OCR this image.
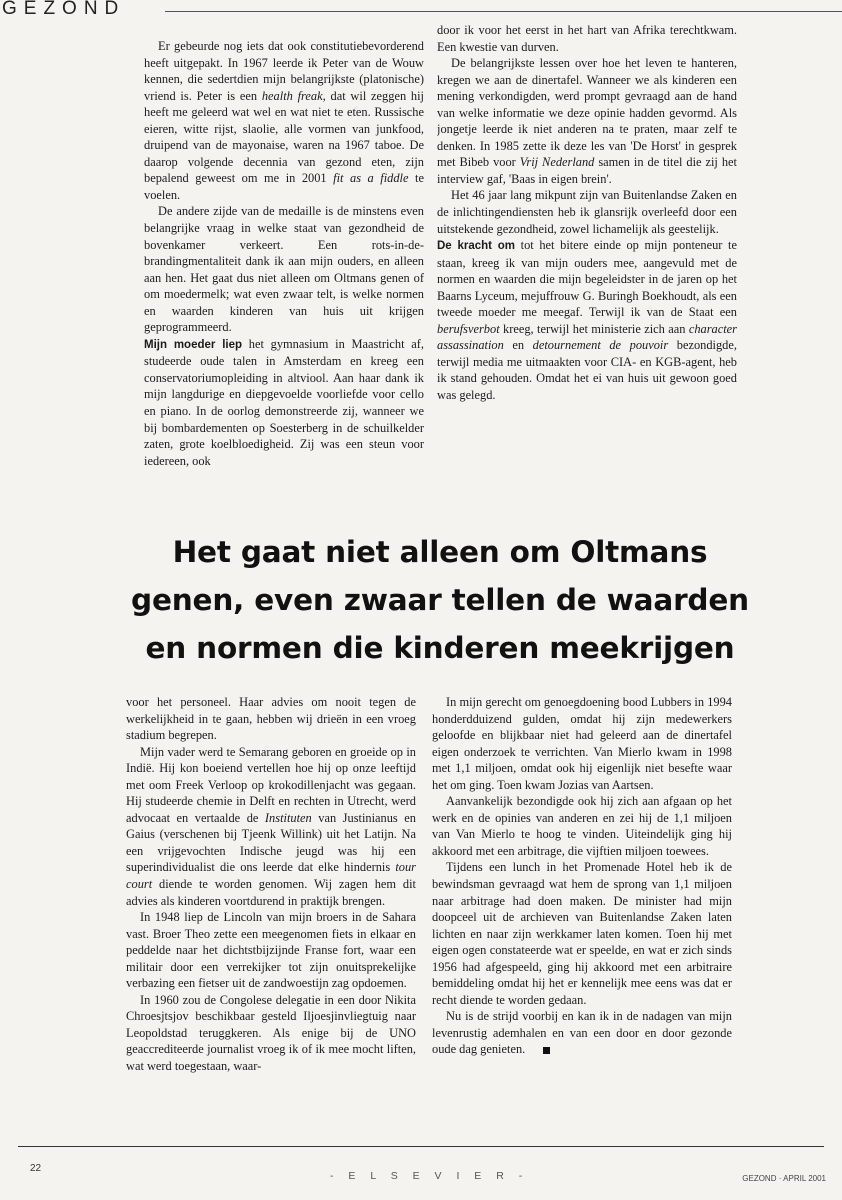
GEZOND

Er gebeurde nog iets dat ook constitutiebevorderend heeft uitgepakt. In 1967 leerde ik Peter van de Wouw kennen, die sedertdien mijn belangrijkste (platonische) vriend is. Peter is een health freak, dat wil zeggen hij heeft me geleerd wat wel en wat niet te eten. Russische eieren, witte rijst, slaolie, alle vormen van junkfood, druipend van de mayonaise, waren na 1967 taboe. De daarop volgende decennia van gezond eten, zijn bepalend geweest om me in 2001 fit as a fiddle te voelen.

De andere zijde van de medaille is de minstens even belangrijke vraag in welke staat van gezondheid de bovenkamer verkeert. Een rots-in-de-brandingmentaliteit dank ik aan mijn ouders, en alleen aan hen. Het gaat dus niet alleen om Oltmans genen of om moedermelk; wat even zwaar telt, is welke normen en waarden kinderen van huis uit krijgen geprogrammeerd.

Mijn moeder liep het gymnasium in Maastricht af, studeerde oude talen in Amsterdam en kreeg een conservatoriumopleiding in altviool. Aan haar dank ik mijn langdurige en diepgevoelde voorliefde voor cello en piano. In de oorlog demonstreerde zij, wanneer we bij bombardementen op Soesterberg in de schuilkelder zaten, grote koelbloedigheid. Zij was een steun voor iedereen, ook

door ik voor het eerst in het hart van Afrika terechtkwam. Een kwestie van durven.

De belangrijkste lessen over hoe het leven te hanteren, kregen we aan de dinertafel. Wanneer we als kinderen een mening verkondigden, werd prompt gevraagd aan de hand van welke informatie we deze opinie hadden gevormd. Als jongetje leerde ik niet anderen na te praten, maar zelf te denken. In 1985 zette ik deze les van 'De Horst' in gesprek met Bibeb voor Vrij Nederland samen in de titel die zij het interview gaf, 'Baas in eigen brein'.

Het 46 jaar lang mikpunt zijn van Buitenlandse Zaken en de inlichtingendiensten heb ik glansrijk overleefd door een uitstekende gezondheid, zowel lichamelijk als geestelijk.

De kracht om tot het bitere einde op mijn ponteneur te staan, kreeg ik van mijn ouders mee, aangevuld met de normen en waarden die mijn begeleidster in de jaren op het Baarns Lyceum, mejuffrouw G. Buringh Boekhoudt, als een tweede moeder me meegaf. Terwijl ik van de Staat een berufsverbot kreeg, terwijl het ministerie zich aan character assassination en detournement de pouvoir bezondigde, terwijl media me uitmaakten voor CIA- en KGB-agent, heb ik stand gehouden. Omdat het ei van huis uit gewoon goed was gelegd.

Het gaat niet alleen om Oltmans
genen, even zwaar tellen de waarden
en normen die kinderen meekrijgen

voor het personeel. Haar advies om nooit tegen de werkelijkheid in te gaan, hebben wij drieën in een vroeg stadium begrepen.

Mijn vader werd te Semarang geboren en groeide op in Indië. Hij kon boeiend vertellen hoe hij op onze leeftijd met oom Freek Verloop op krokodillenjacht was gegaan. Hij studeerde chemie in Delft en rechten in Utrecht, werd advocaat en vertaalde de Instituten van Justinianus en Gaius (verschenen bij Tjeenk Willink) uit het Latijn. Na een vrijgevochten Indische jeugd was hij een superindividualist die ons leerde dat elke hindernis tour court diende te worden genomen. Wij zagen hem dit advies als kinderen voortdurend in praktijk brengen.

In 1948 liep de Lincoln van mijn broers in de Sahara vast. Broer Theo zette een meegenomen fiets in elkaar en peddelde naar het dichtstbijzijnde Franse fort, waar een militair door een verrekijker tot zijn onuitsprekelijke verbazing een fietser uit de zandwoestijn zag opdoemen.

In 1960 zou de Congolese delegatie in een door Nikita Chroesjtsjov beschikbaar gesteld Iljoesjinvliegtuig naar Leopoldstad teruggkeren. Als enige bij de UNO geaccrediteerde journalist vroeg ik of ik mee mocht liften, wat werd toegestaan, waar-

In mijn gerecht om genoegdoening bood Lubbers in 1994 honderdduizend gulden, omdat hij zijn medewerkers geloofde en blijkbaar niet had geleerd aan de dinertafel eigen onderzoek te verrichten. Van Mierlo kwam in 1998 met 1,1 miljoen, omdat ook hij eigenlijk niet besefte waar het om ging. Toen kwam Jozias van Aartsen.

Aanvankelijk bezondigde ook hij zich aan afgaan op het werk en de opinies van anderen en zei hij de 1,1 miljoen van Van Mierlo te hoog te vinden. Uiteindelijk ging hij akkoord met een arbitrage, die vijftien miljoen toewees.

Tijdens een lunch in het Promenade Hotel heb ik de bewindsman gevraagd wat hem de sprong van 1,1 miljoen naar arbitrage had doen maken. De minister had mijn doopceel uit de archieven van Buitenlandse Zaken laten lichten en naar zijn werkkamer laten komen. Toen hij met eigen ogen constateerde wat er speelde, en wat er zich sinds 1956 had afgespeeld, ging hij akkoord met een arbitraire bemiddeling omdat hij het er kennelijk mee eens was dat er recht diende te worden gedaan.

Nu is de strijd voorbij en kan ik in de nadagen van mijn levenrustig ademhalen en van een door en door gezonde oude dag genieten.

22
- E L S E V I E R -	GEZOND · APRIL 2001
